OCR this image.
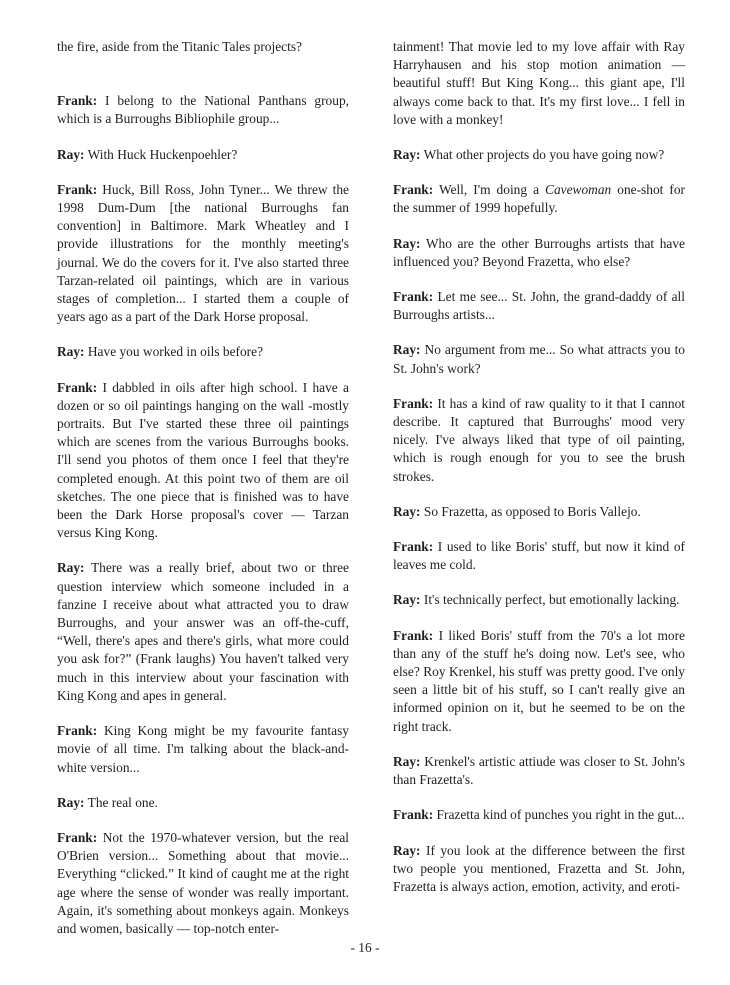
the fire, aside from the Titanic Tales projects?

Frank: I belong to the National Panthans group, which is a Burroughs Bibliophile group...

Ray: With Huck Huckenpoehler?

Frank: Huck, Bill Ross, John Tyner... We threw the 1998 Dum-Dum [the national Burroughs fan convention] in Baltimore. Mark Wheatley and I provide illustrations for the monthly meeting's journal. We do the covers for it. I've also started three Tarzan-related oil paintings, which are in various stages of completion... I started them a couple of years ago as a part of the Dark Horse proposal.

Ray: Have you worked in oils before?

Frank: I dabbled in oils after high school. I have a dozen or so oil paintings hanging on the wall -mostly portraits. But I've started these three oil paintings which are scenes from the various Burroughs books. I'll send you photos of them once I feel that they're completed enough. At this point two of them are oil sketches. The one piece that is finished was to have been the Dark Horse proposal's cover — Tarzan versus King Kong.

Ray: There was a really brief, about two or three question interview which someone included in a fanzine I receive about what attracted you to draw Burroughs, and your answer was an off-the-cuff, “Well, there's apes and there's girls, what more could you ask for?” (Frank laughs) You haven't talked very much in this interview about your fascination with King Kong and apes in general.

Frank: King Kong might be my favourite fantasy movie of all time. I'm talking about the black-and-white version...

Ray: The real one.

Frank: Not the 1970-whatever version, but the real O'Brien version... Something about that movie... Everything “clicked.” It kind of caught me at the right age where the sense of wonder was really important. Again, it's something about monkeys again. Monkeys and women, basically — top-notch enter-

tainment! That movie led to my love affair with Ray Harryhausen and his stop motion animation — beautiful stuff! But King Kong... this giant ape, I'll always come back to that. It's my first love... I fell in love with a monkey!

Ray: What other projects do you have going now?

Frank: Well, I'm doing a Cavewoman one-shot for the summer of 1999 hopefully.

Ray: Who are the other Burroughs artists that have influenced you? Beyond Frazetta, who else?

Frank: Let me see... St. John, the grand-daddy of all Burroughs artists...

Ray: No argument from me... So what attracts you to St. John's work?

Frank: It has a kind of raw quality to it that I cannot describe. It captured that Burroughs' mood very nicely. I've always liked that type of oil painting, which is rough enough for you to see the brush strokes.

Ray: So Frazetta, as opposed to Boris Vallejo.

Frank: I used to like Boris' stuff, but now it kind of leaves me cold.

Ray: It's technically perfect, but emotionally lacking.

Frank: I liked Boris' stuff from the 70's a lot more than any of the stuff he's doing now. Let's see, who else? Roy Krenkel, his stuff was pretty good. I've only seen a little bit of his stuff, so I can't really give an informed opinion on it, but he seemed to be on the right track.

Ray: Krenkel's artistic attiude was closer to St. John's than Frazetta's.

Frank: Frazetta kind of punches you right in the gut...

Ray: If you look at the difference between the first two people you mentioned, Frazetta and St. John, Frazetta is always action, emotion, activity, and eroti-

- 16 -
